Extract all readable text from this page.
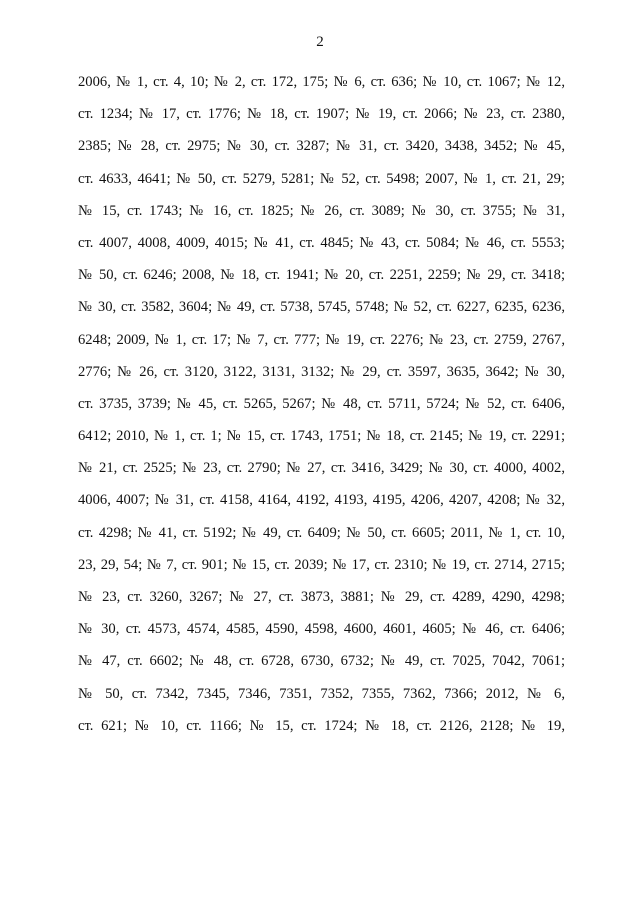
2
2006, № 1, ст. 4, 10; № 2, ст. 172, 175; № 6, ст. 636; № 10, ст. 1067; № 12,
ст. 1234; № 17, ст. 1776; № 18, ст. 1907; № 19, ст. 2066; № 23, ст. 2380,
2385; № 28, ст. 2975; № 30, ст. 3287; № 31, ст. 3420, 3438, 3452; № 45,
ст. 4633, 4641; № 50, ст. 5279, 5281; № 52, ст. 5498; 2007, № 1, ст. 21, 29;
№ 15, ст. 1743; № 16, ст. 1825; № 26, ст. 3089; № 30, ст. 3755; № 31,
ст. 4007, 4008, 4009, 4015; № 41, ст. 4845; № 43, ст. 5084; № 46, ст. 5553;
№ 50, ст. 6246; 2008, № 18, ст. 1941; № 20, ст. 2251, 2259; № 29, ст. 3418;
№ 30, ст. 3582, 3604; № 49, ст. 5738, 5745, 5748; № 52, ст. 6227, 6235, 6236,
6248; 2009, № 1, ст. 17; № 7, ст. 777; № 19, ст. 2276; № 23, ст. 2759, 2767,
2776; № 26, ст. 3120, 3122, 3131, 3132; № 29, ст. 3597, 3635, 3642; № 30,
ст. 3735, 3739; № 45, ст. 5265, 5267; № 48, ст. 5711, 5724; № 52, ст. 6406,
6412; 2010, № 1, ст. 1; № 15, ст. 1743, 1751; № 18, ст. 2145; № 19, ст. 2291;
№ 21, ст. 2525; № 23, ст. 2790; № 27, ст. 3416, 3429; № 30, ст. 4000, 4002,
4006, 4007; № 31, ст. 4158, 4164, 4192, 4193, 4195, 4206, 4207, 4208; № 32,
ст. 4298; № 41, ст. 5192; № 49, ст. 6409; № 50, ст. 6605; 2011, № 1, ст. 10,
23, 29, 54; № 7, ст. 901; № 15, ст. 2039; № 17, ст. 2310; № 19, ст. 2714, 2715;
№ 23, ст. 3260, 3267; № 27, ст. 3873, 3881; № 29, ст. 4289, 4290, 4298;
№ 30, ст. 4573, 4574, 4585, 4590, 4598, 4600, 4601, 4605; № 46, ст. 6406;
№ 47, ст. 6602; № 48, ст. 6728, 6730, 6732; № 49, ст. 7025, 7042, 7061;
№ 50, ст. 7342, 7345, 7346, 7351, 7352, 7355, 7362, 7366; 2012, № 6,
ст. 621; № 10, ст. 1166; № 15, ст. 1724; № 18, ст. 2126, 2128; № 19,
